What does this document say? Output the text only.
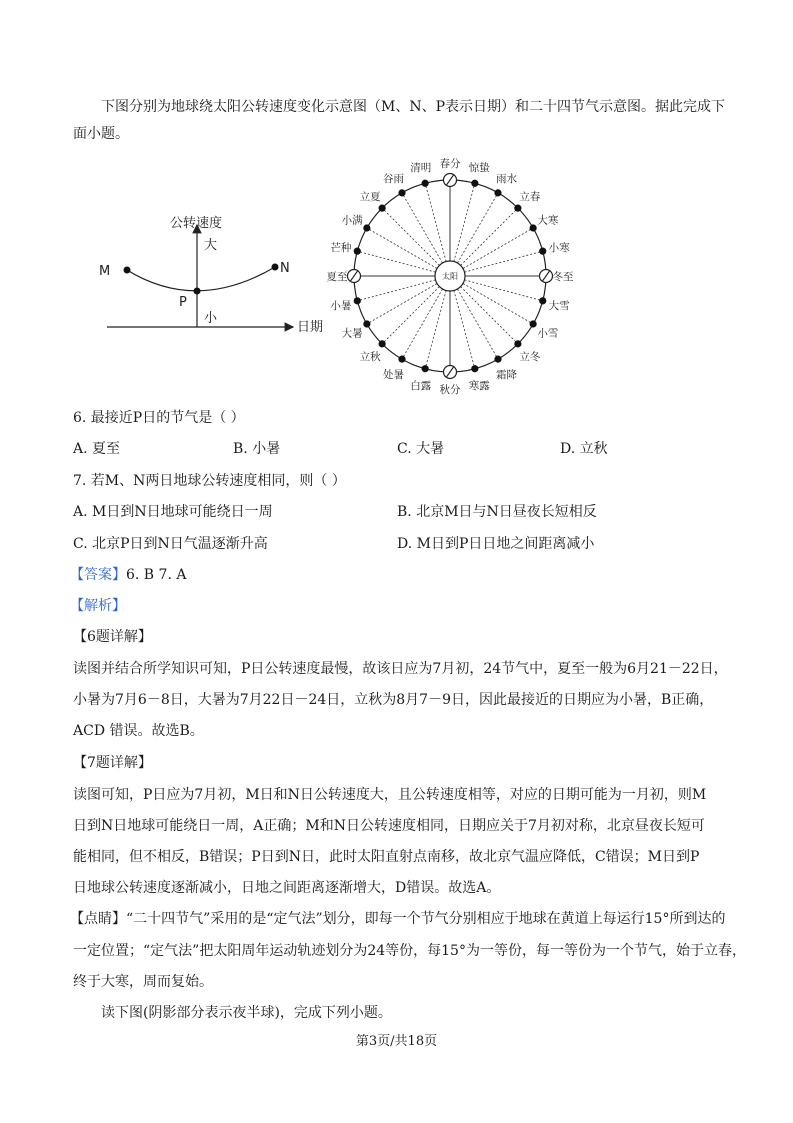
下图分别为地球绕太阳公转速度变化示意图（M、N、P表示日期）和二十四节气示意图。据此完成下
面小题。
公转速度
日期
大
小
M	N
P
太阳
春分 惊蛰
雨水
立春
大寒
小寒
冬至
大雪
小雪
立冬
霜降
寒露
秋分
白露
处暑
立秋
大暑
小暑
夏至
芒种
小满
立夏
谷雨
清明
6. 最接近P日的节气是（ ）
A. 夏至	B. 小暑	C. 大暑	D. 立秋
7. 若M、N两日地球公转速度相同，则（ ）
A. M日到N日地球可能绕日一周	B. 北京M日与N日昼夜长短相反
C. 北京P日到N日气温逐渐升高	D. M日到P日日地之间距离减小
【答案】6. B 7. A
【解析】
【6题详解】
读图并结合所学知识可知，P日公转速度最慢，故该日应为7月初，24节气中，夏至一般为6月21－22日，
小暑为7月6－8日，大暑为7月22日－24日，立秋为8月7－9日，因此最接近的日期应为小暑，B正确，
ACD 错误。故选B。
【7题详解】
读图可知，P日应为7月初，M日和N日公转速度大，且公转速度相等，对应的日期可能为一月初，则M
日到N日地球可能绕日一周，A正确；M和N日公转速度相同，日期应关于7月初对称，北京昼夜长短可
能相同，但不相反，B错误；P日到N日，此时太阳直射点南移，故北京气温应降低，C错误；M日到P
日地球公转速度逐渐减小，日地之间距离逐渐增大，D错误。故选A。
【点睛】“二十四节气”采用的是“定气法”划分，即每一个节气分别相应于地球在黄道上每运行15°所到达的
一定位置；“定气法”把太阳周年运动轨迹划分为24等份，每15°为一等份，每一等份为一个节气，始于立春，
终于大寒，周而复始。
读下图(阴影部分表示夜半球)，完成下列小题。
第3页/共18页
